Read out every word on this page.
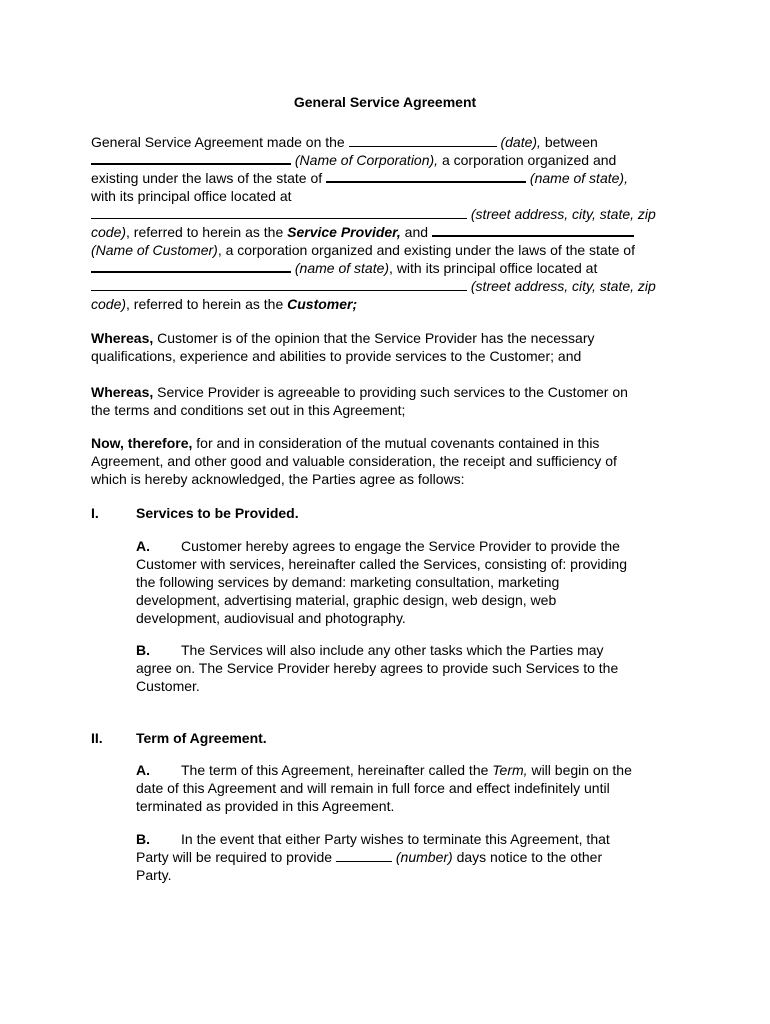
General Service Agreement
General Service Agreement made on the	(date), between
(Name of Corporation), a corporation organized and
existing under the laws of the state of	(name of state),
with its principal office located at
(street address, city, state, zip
code), referred to herein as the Service Provider, and
(Name of Customer), a corporation organized and existing under the laws of the state of
(name of state), with its principal office located at
(street address, city, state, zip
code), referred to herein as the Customer;
Whereas, Customer is of the opinion that the Service Provider has the necessary
qualifications, experience and abilities to provide services to the Customer; and
Whereas, Service Provider is agreeable to providing such services to the Customer on
the terms and conditions set out in this Agreement;
Now, therefore, for and in consideration of the mutual covenants contained in this
Agreement, and other good and valuable consideration, the receipt and sufficiency of
which is hereby acknowledged, the Parties agree as follows:
I.	Services to be Provided.
A. Customer hereby agrees to engage the Service Provider to provide the
Customer with services, hereinafter called the Services, consisting of: providing
the following services by demand: marketing consultation, marketing
development, advertising material, graphic design, web design, web
development, audiovisual and photography.
B. The Services will also include any other tasks which the Parties may
agree on. The Service Provider hereby agrees to provide such Services to the
Customer.
II. Term of Agreement.
A. The term of this Agreement, hereinafter called the Term, will begin on the
date of this Agreement and will remain in full force and effect indefinitely until
terminated as provided in this Agreement.
B. In the event that either Party wishes to terminate this Agreement, that
Party will be required to provide	(number) days notice to the other
Party.
